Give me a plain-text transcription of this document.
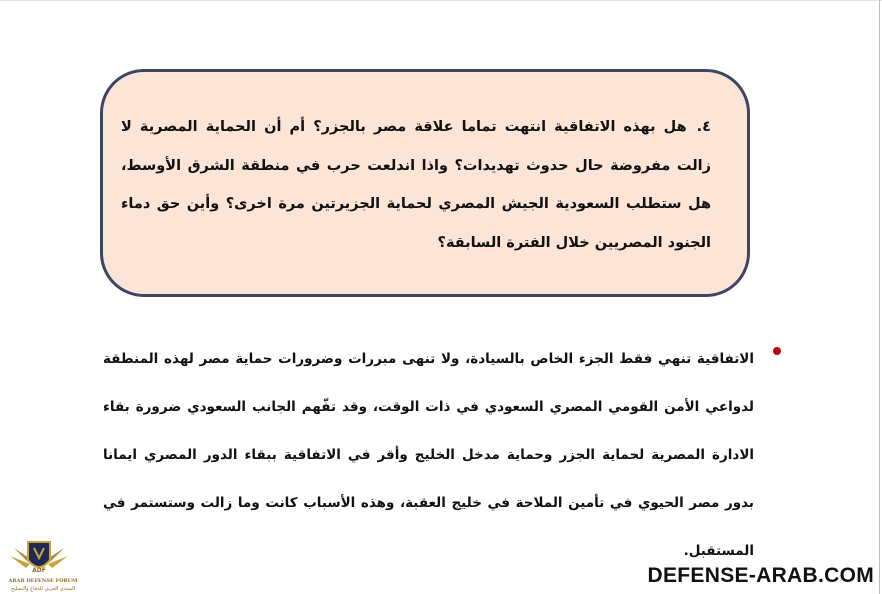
٤.هل بهذه الاتفاقية انتهت تماما علاقة مصر بالجزر؟ أم أن الحماية المصرية لا زالت مفروضة حال حدوث تهديدات؟ واذا اندلعت حرب في منطقة الشرق الأوسط، هل ستطلب السعودية الجيش المصري لحماية الجزيرتين مرة اخرى؟ وأين حق دماء الجنود المصريين خلال الفترة السابقة؟
الاتفاقية تنهي فقط الجزء الخاص بالسيادة، ولا تنهى مبررات وضرورات حماية مصر لهذه المنطقة لدواعي الأمن القومي المصري السعودي في ذات الوقت، وقد تفّهم الجانب السعودي ضرورة بقاء الادارة المصرية لحماية الجزر وحماية مدخل الخليج وأقر في الاتفاقية ببقاء الدور المصري ايمانا بدور مصر الحيوي في تأمين الملاحة في خليج العقبة، وهذه الأسباب كانت وما زالت وستستمر في المستقبل.
ADF
ARAB DEFENSE FORUM
المنتدى العربي للدفاع والتسليح
DEFENSE-ARAB.COM
